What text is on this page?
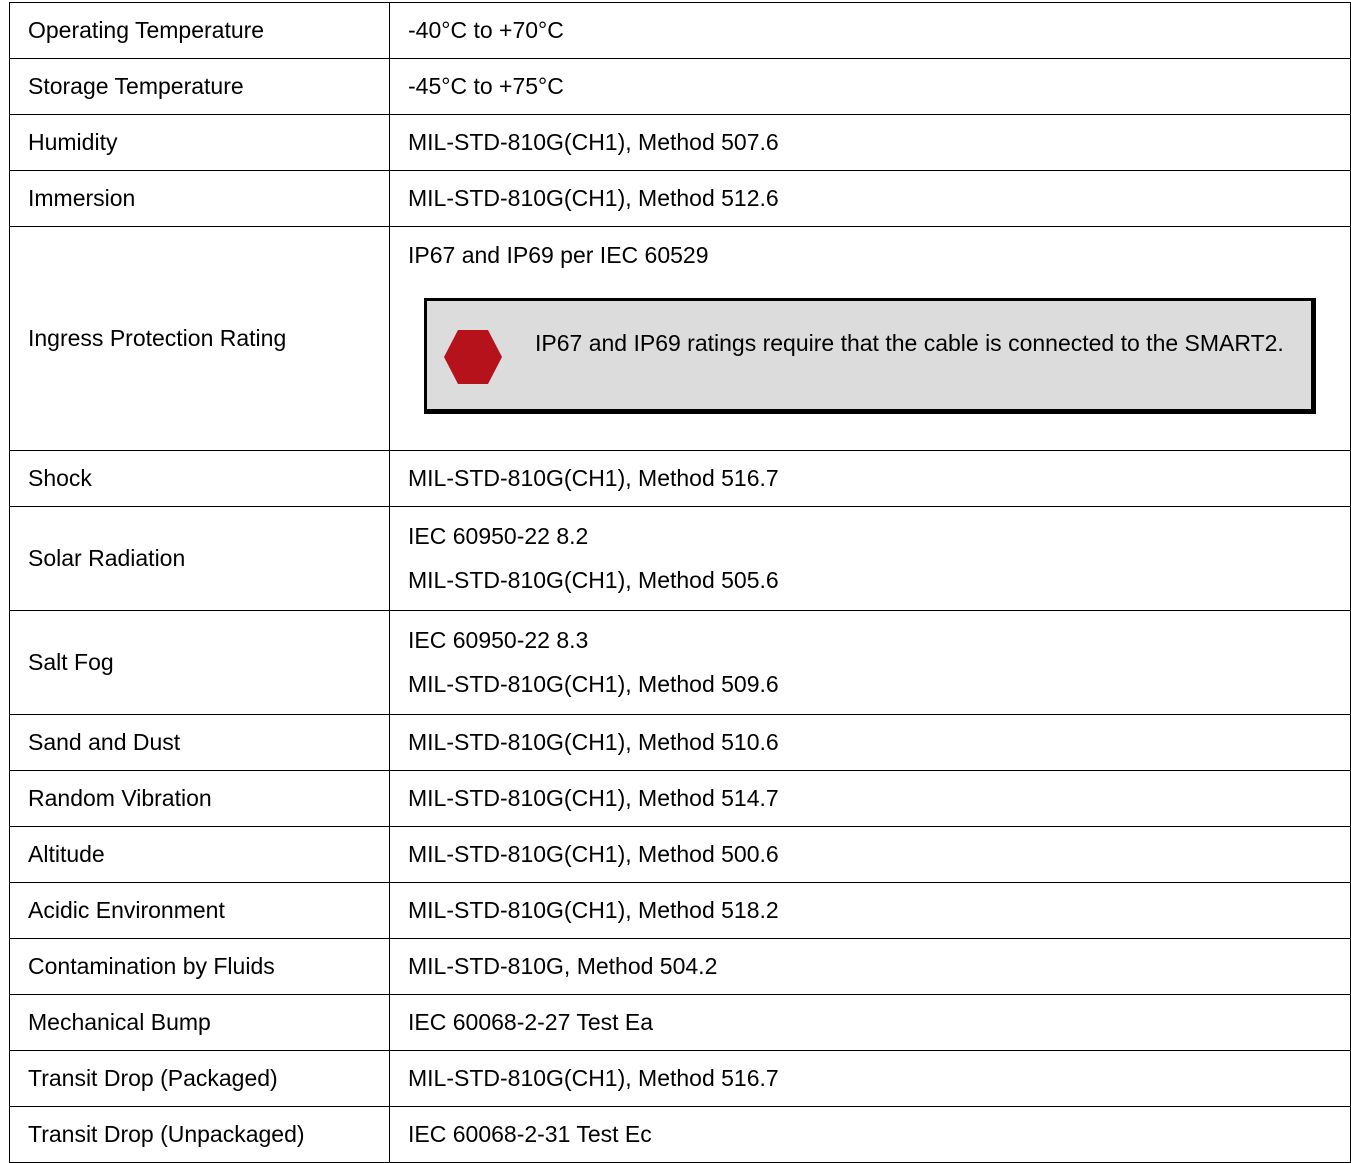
Operating Temperature	-40°C to +70°C
Storage Temperature	-45°C to +75°C
Humidity	MIL-STD-810G(CH1), Method 507.6
Immersion	MIL-STD-810G(CH1), Method 512.6
Ingress Protection Rating	IP67 and IP69 per IEC 60529
IP67 and IP69 ratings require that the cable is connected to the SMART2.

Shock	MIL-STD-810G(CH1), Method 516.7
Solar Radiation	IEC 60950-22 8.2
MIL-STD-810G(CH1), Method 505.6

Salt Fog	IEC 60950-22 8.3
MIL-STD-810G(CH1), Method 509.6

Sand and Dust	MIL-STD-810G(CH1), Method 510.6
Random Vibration	MIL-STD-810G(CH1), Method 514.7
Altitude	MIL-STD-810G(CH1), Method 500.6
Acidic Environment	MIL-STD-810G(CH1), Method 518.2
Contamination by Fluids	MIL-STD-810G, Method 504.2
Mechanical Bump	IEC 60068-2-27 Test Ea
Transit Drop (Packaged)	MIL-STD-810G(CH1), Method 516.7
Transit Drop (Unpackaged)	IEC 60068-2-31 Test Ec
